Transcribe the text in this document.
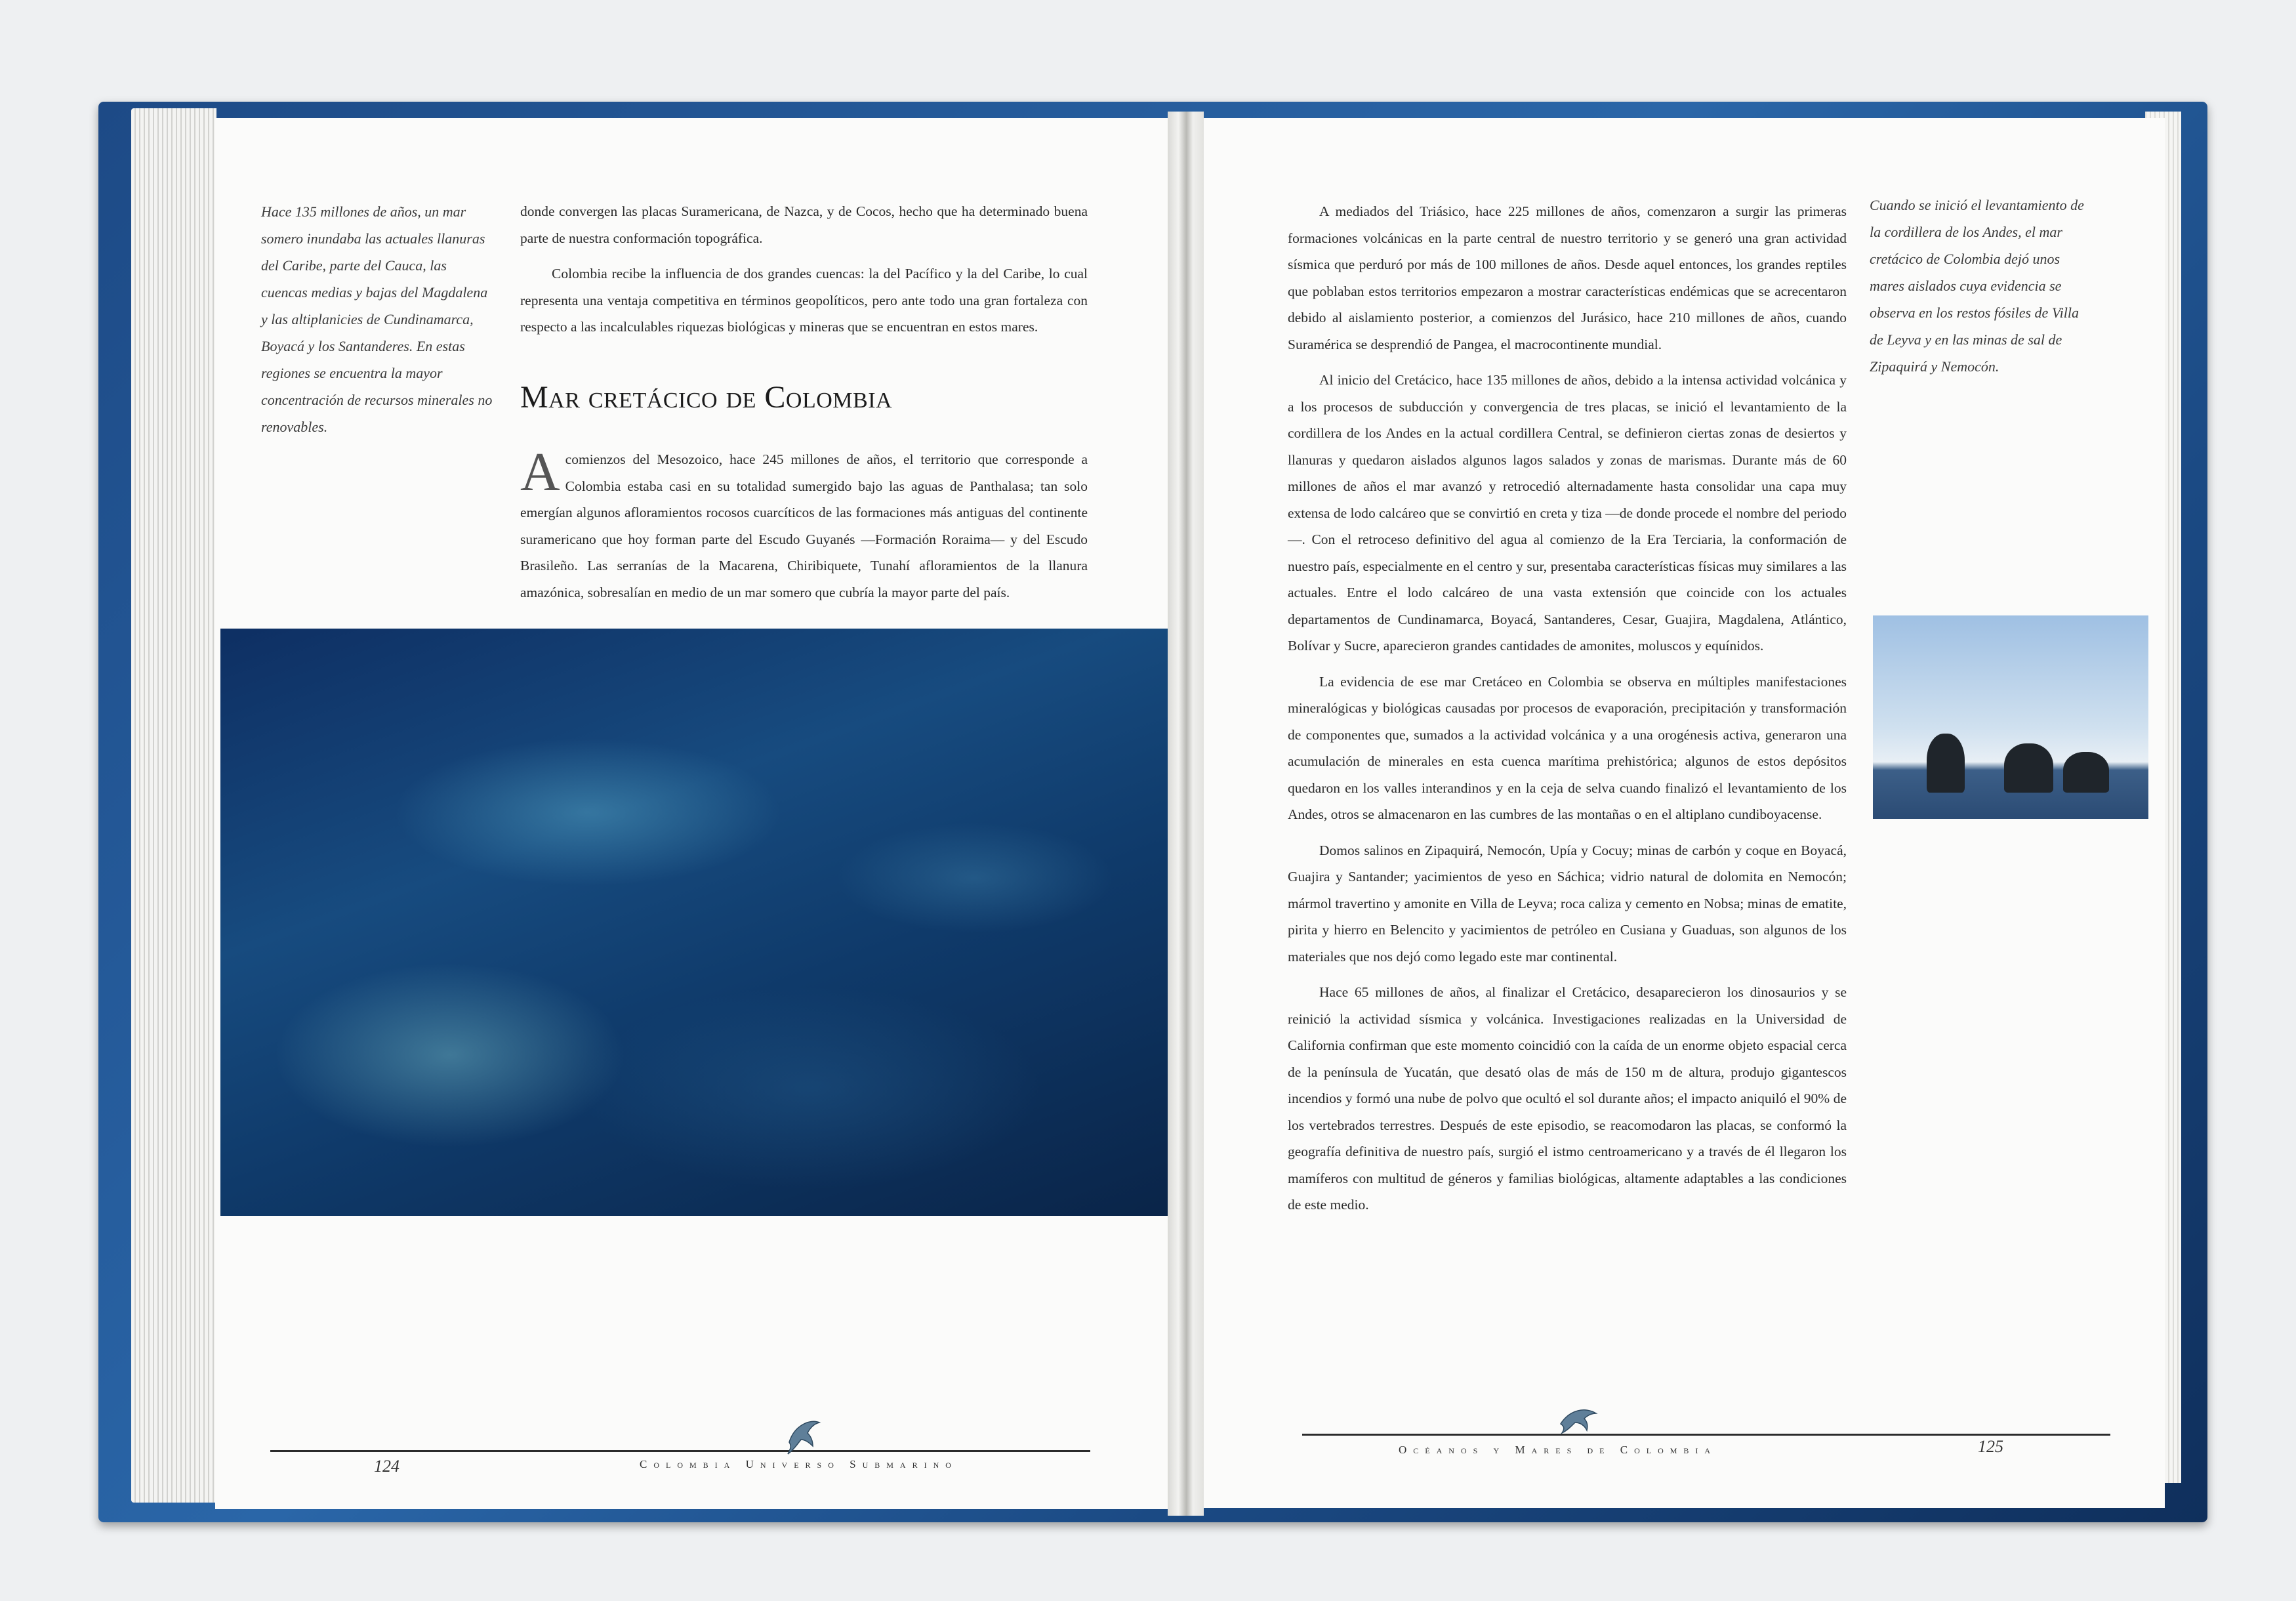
Hace 135 millones de años, un mar somero inundaba las actuales llanuras del Caribe, parte del Cauca, las cuencas medias y bajas del Magdalena y las altiplanicies de Cundinamarca, Boyacá y los Santanderes. En estas regiones se encuentra la mayor concentración de recursos minerales no renovables.

donde convergen las placas Suramericana, de Nazca, y de Cocos, hecho que ha determinado buena parte de nuestra conformación topográfica.

Colombia recibe la influencia de dos grandes cuencas: la del Pacífico y la del Caribe, lo cual representa una ventaja competitiva en términos geopolíticos, pero ante todo una gran fortaleza con respecto a las incalculables riquezas biológicas y mineras que se encuentran en estos mares.

Mar cretácico de Colombia

Acomienzos del Mesozoico, hace 245 millones de años, el territorio que corresponde a Colombia estaba casi en su totalidad sumergido bajo las aguas de Panthalasa; tan solo emergían algunos afloramientos rocosos cuarcíticos de las formaciones más antiguas del continente suramericano que hoy forman parte del Escudo Guyanés —Formación Roraima— y del Escudo Brasileño. Las serranías de la Macarena, Chiribiquete, Tunahí afloramientos de la llanura amazónica, sobresalían en medio de un mar somero que cubría la mayor parte del país.

124	Colombia Universo Submarino

A mediados del Triásico, hace 225 millones de años, comenzaron a surgir las primeras formaciones volcánicas en la parte central de nuestro territorio y se generó una gran actividad sísmica que perduró por más de 100 millones de años. Desde aquel entonces, los grandes reptiles que poblaban estos territorios empezaron a mostrar características endémicas que se acrecentaron debido al aislamiento posterior, a comienzos del Jurásico, hace 210 millones de años, cuando Suramérica se desprendió de Pangea, el macrocontinente mundial.

Al inicio del Cretácico, hace 135 millones de años, debido a la intensa actividad volcánica y a los procesos de subducción y convergencia de tres placas, se inició el levantamiento de la cordillera de los Andes en la actual cordillera Central, se definieron ciertas zonas de desiertos y llanuras y quedaron aislados algunos lagos salados y zonas de marismas. Durante más de 60 millones de años el mar avanzó y retrocedió alternadamente hasta consolidar una capa muy extensa de lodo calcáreo que se convirtió en creta y tiza —de donde procede el nombre del periodo—. Con el retroceso definitivo del agua al comienzo de la Era Terciaria, la conformación de nuestro país, especialmente en el centro y sur, presentaba características físicas muy similares a las actuales. Entre el lodo calcáreo de una vasta extensión que coincide con los actuales departamentos de Cundinamarca, Boyacá, Santanderes, Cesar, Guajira, Magdalena, Atlántico, Bolívar y Sucre, aparecieron grandes cantidades de amonites, moluscos y equínidos.

La evidencia de ese mar Cretáceo en Colombia se observa en múltiples manifestaciones mineralógicas y biológicas causadas por procesos de evaporación, precipitación y transformación de componentes que, sumados a la actividad volcánica y a una orogénesis activa, generaron una acumulación de minerales en esta cuenca marítima prehistórica; algunos de estos depósitos quedaron en los valles interandinos y en la ceja de selva cuando finalizó el levantamiento de los Andes, otros se almacenaron en las cumbres de las montañas o en el altiplano cundiboyacense.

Domos salinos en Zipaquirá, Nemocón, Upía y Cocuy; minas de carbón y coque en Boyacá, Guajira y Santander; yacimientos de yeso en Sáchica; vidrio natural de dolomita en Nemocón; mármol travertino y amonite en Villa de Leyva; roca caliza y cemento en Nobsa; minas de ematite, pirita y hierro en Belencito y yacimientos de petróleo en Cusiana y Guaduas, son algunos de los materiales que nos dejó como legado este mar continental.

Hace 65 millones de años, al finalizar el Cretácico, desaparecieron los dinosaurios y se reinició la actividad sísmica y volcánica. Investigaciones realizadas en la Universidad de California confirman que este momento coincidió con la caída de un enorme objeto espacial cerca de la península de Yucatán, que desató olas de más de 150 m de altura, produjo gigantescos incendios y formó una nube de polvo que ocultó el sol durante años; el impacto aniquiló el 90% de los vertebrados terrestres. Después de este episodio, se reacomodaron las placas, se conformó la geografía definitiva de nuestro país, surgió el istmo centroamericano y a través de él llegaron los mamíferos con multitud de géneros y familias biológicas, altamente adaptables a las condiciones de este medio.

Cuando se inició el levantamiento de la cordillera de los Andes, el mar cretácico de Colombia dejó unos mares aislados cuya evidencia se observa en los restos fósiles de Villa de Leyva y en las minas de sal de Zipaquirá y Nemocón.
Océanos y Mares de Colombia	125
